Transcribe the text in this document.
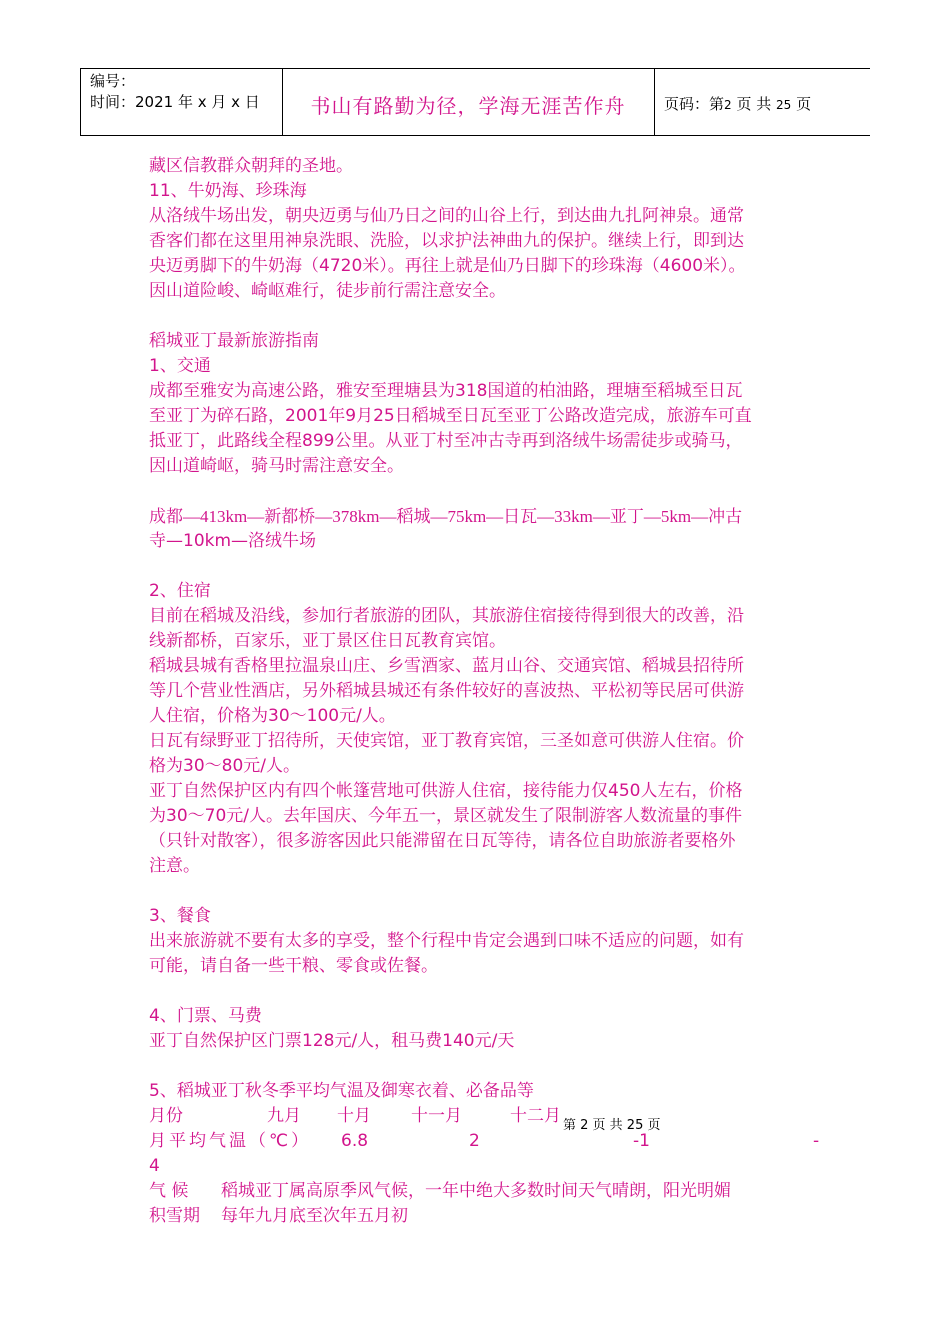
编号：
时间：2021 年 x 月 x 日	书山有路勤为径，学海无涯苦作舟	页码：第2 页 共 25 页

藏区信教群众朝拜的圣地。

11、牛奶海、珍珠海

从洛绒牛场出发，朝央迈勇与仙乃日之间的山谷上行，到达曲九扎阿神泉。通常

香客们都在这里用神泉洗眼、洗脸，以求护法神曲九的保护。继续上行，即到达

央迈勇脚下的牛奶海（4720米）。再往上就是仙乃日脚下的珍珠海（4600米）。

因山道险峻、崎岖难行，徒步前行需注意安全。

稻城亚丁最新旅游指南

1、交通

成都至雅安为高速公路，雅安至理塘县为318国道的柏油路，理塘至稻城至日瓦

至亚丁为碎石路，2001年9月25日稻城至日瓦至亚丁公路改造完成，旅游车可直

抵亚丁，此路线全程899公里。从亚丁村至冲古寺再到洛绒牛场需徒步或骑马，

因山道崎岖，骑马时需注意安全。

成都—413km—新都桥—378km—稻城—75km—日瓦—33km—亚丁—5km—冲古

寺—10km—洛绒牛场

2、住宿

目前在稻城及沿线，参加行者旅游的团队，其旅游住宿接待得到很大的改善，沿

线新都桥，百家乐，亚丁景区住日瓦教育宾馆。

稻城县城有香格里拉温泉山庄、乡雪酒家、蓝月山谷、交通宾馆、稻城县招待所

等几个营业性酒店，另外稻城县城还有条件较好的喜波热、平松初等民居可供游

人住宿，价格为30～100元/人。

日瓦有绿野亚丁招待所，天使宾馆，亚丁教育宾馆，三圣如意可供游人住宿。价

格为30～80元/人。

亚丁自然保护区内有四个帐篷营地可供游人住宿，接待能力仅450人左右，价格

为30～70元/人。去年国庆、今年五一，景区就发生了限制游客人数流量的事件

（只针对散客），很多游客因此只能滞留在日瓦等待，请各位自助旅游者要格外

注意。

3、餐食

出来旅游就不要有太多的享受，整个行程中肯定会遇到口味不适应的问题，如有

可能，请自备一些干粮、零食或佐餐。

4、门票、马费

亚丁自然保护区门票128元/人，租马费140元/天

5、稻城亚丁秋冬季平均气温及御寒衣着、必备品等

月份	九月 十月 十一月	十二月
月平均气温（℃） 6.8	2	-1	-
4
气 候 稻城亚丁属高原季风气候，一年中绝大多数时间天气晴朗，阳光明媚
积雪期 每年九月底至次年五月初
第 2 页 共 25 页
